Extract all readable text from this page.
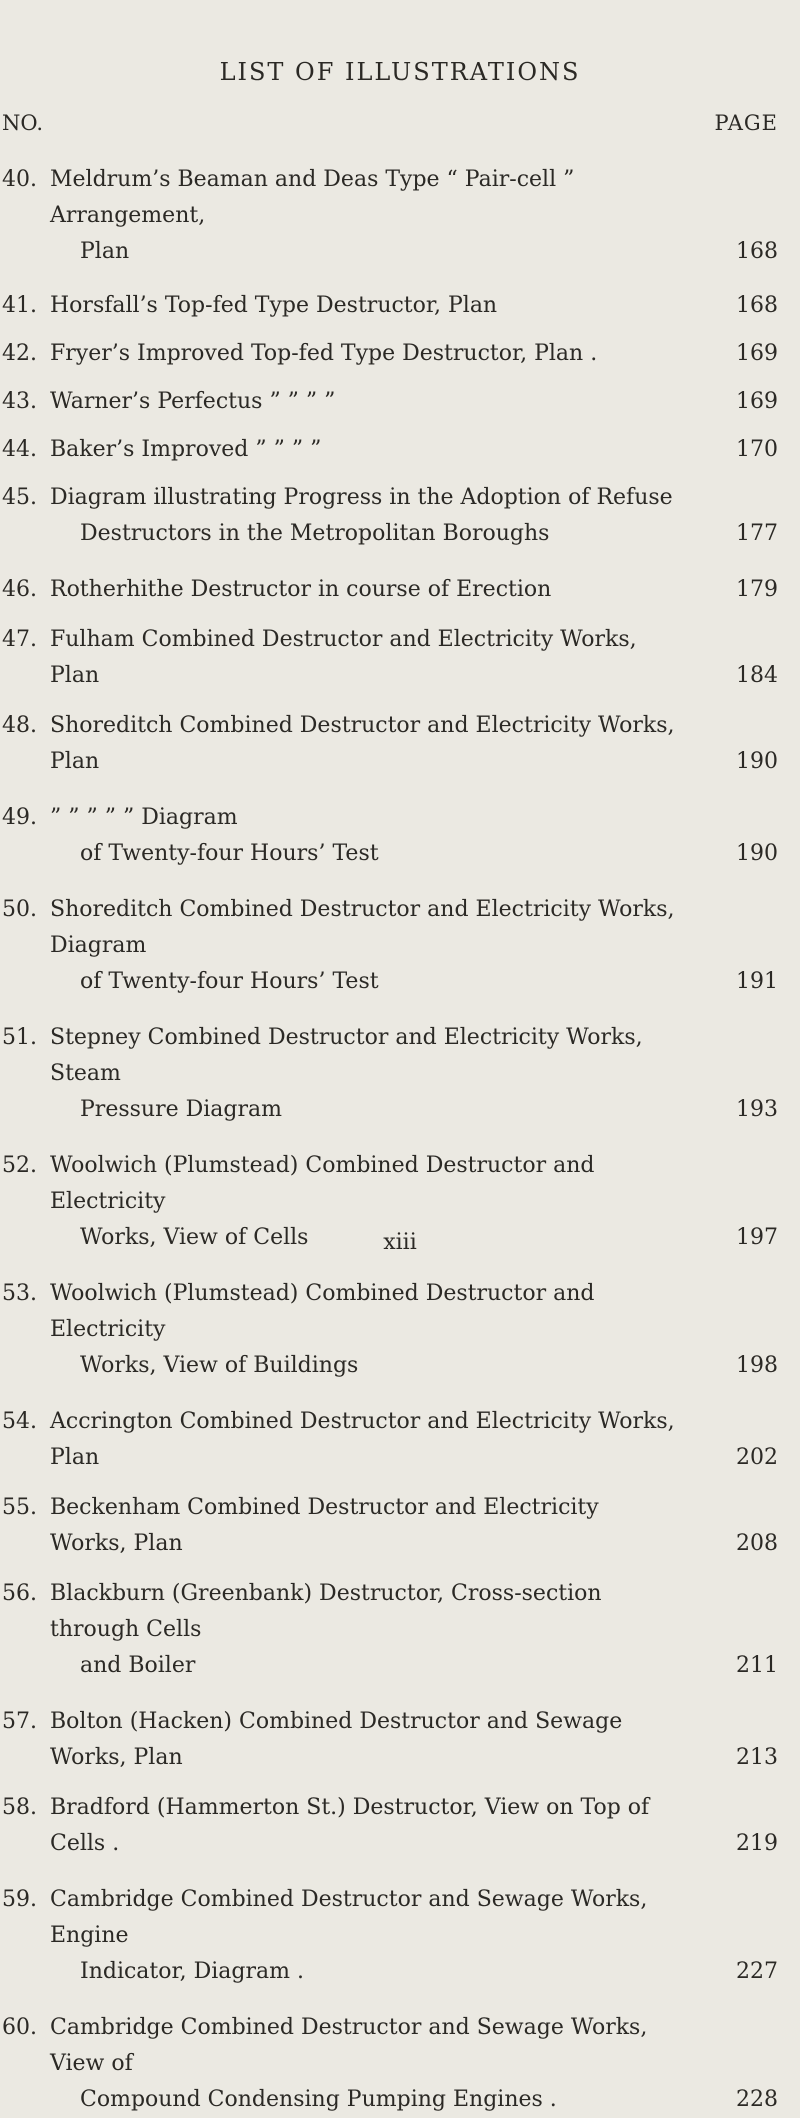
LIST OF ILLUSTRATIONS
NO.	PAGE
40. Meldrum’s Beaman and Deas Type “ Pair-cell ” Arrangement,
Plan	168
41. Horsfall’s Top-fed Type Destructor, Plan	168
42. Fryer’s Improved Top-fed Type Destructor, Plan .	169
43. Warner’s Perfectus ” ” ” ”	169
44. Baker’s Improved ” ” ” ”	170
45. Diagram illustrating Progress in the Adoption of Refuse
Destructors in the Metropolitan Boroughs	177
46. Rotherhithe Destructor in course of Erection	179
47. Fulham Combined Destructor and Electricity Works, Plan	184
48. Shoreditch Combined Destructor and Electricity Works, Plan	190
49. ” ” ” ” ” Diagram
of Twenty-four Hours’ Test	190
50. Shoreditch Combined Destructor and Electricity Works, Diagram
of Twenty-four Hours’ Test	191
51. Stepney Combined Destructor and Electricity Works, Steam
Pressure Diagram	193
52. Woolwich (Plumstead) Combined Destructor and Electricity
Works, View of Cells	197
53. Woolwich (Plumstead) Combined Destructor and Electricity
Works, View of Buildings	198
54. Accrington Combined Destructor and Electricity Works, Plan	202
55. Beckenham Combined Destructor and Electricity Works, Plan	208
56. Blackburn (Greenbank) Destructor, Cross-section through Cells
and Boiler	211
57. Bolton (Hacken) Combined Destructor and Sewage Works, Plan	213
58. Bradford (Hammerton St.) Destructor, View on Top of Cells .	219
59. Cambridge Combined Destructor and Sewage Works, Engine
Indicator, Diagram .	227
60. Cambridge Combined Destructor and Sewage Works, View of
Compound Condensing Pumping Engines .	228
xiii
